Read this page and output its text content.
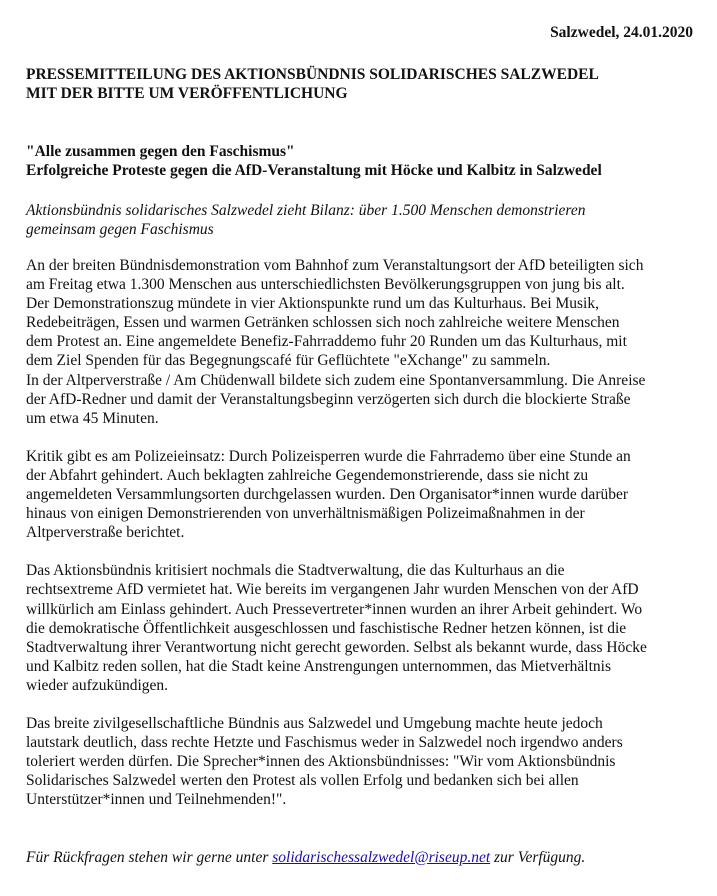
Salzwedel, 24.01.2020
PRESSEMITTEILUNG DES AKTIONSBÜNDNIS SOLIDARISCHES SALZWEDEL
MIT DER BITTE UM VERÖFFENTLICHUNG
"Alle zusammen gegen den Faschismus"
Erfolgreiche Proteste gegen die AfD-Veranstaltung mit Höcke und Kalbitz in Salzwedel
Aktionsbündnis solidarisches Salzwedel zieht Bilanz: über 1.500 Menschen demonstrieren
gemeinsam gegen Faschismus
An der breiten Bündnisdemonstration vom Bahnhof zum Veranstaltungsort der AfD beteiligten sich
am Freitag etwa 1.300 Menschen aus unterschiedlichsten Bevölkerungsgruppen von jung bis alt.
Der Demonstrationszug mündete in vier Aktionspunkte rund um das Kulturhaus. Bei Musik,
Redebeiträgen, Essen und warmen Getränken schlossen sich noch zahlreiche weitere Menschen
dem Protest an. Eine angemeldete Benefiz-Fahrraddemo fuhr 20 Runden um das Kulturhaus, mit
dem Ziel Spenden für das Begegnungscafé für Geflüchtete "eXchange" zu sammeln.
In der Altperverstraße / Am Chüdenwall bildete sich zudem eine Spontanversammlung. Die Anreise
der AfD-Redner und damit der Veranstaltungsbeginn verzögerten sich durch die blockierte Straße
um etwa 45 Minuten.
Kritik gibt es am Polizeieinsatz: Durch Polizeisperren wurde die Fahrrademo über eine Stunde an
der Abfahrt gehindert. Auch beklagten zahlreiche Gegendemonstrierende, dass sie nicht zu
angemeldeten Versammlungsorten durchgelassen wurden. Den Organisator*innen wurde darüber
hinaus von einigen Demonstrierenden von unverhältnismäßigen Polizeimaßnahmen in der
Altperverstraße berichtet.
Das Aktionsbündnis kritisiert nochmals die Stadtverwaltung, die das Kulturhaus an die
rechtsextreme AfD vermietet hat. Wie bereits im vergangenen Jahr wurden Menschen von der AfD
willkürlich am Einlass gehindert. Auch Pressevertreter*innen wurden an ihrer Arbeit gehindert. Wo
die demokratische Öffentlichkeit ausgeschlossen und faschistische Redner hetzen können, ist die
Stadtverwaltung ihrer Verantwortung nicht gerecht geworden. Selbst als bekannt wurde, dass Höcke
und Kalbitz reden sollen, hat die Stadt keine Anstrengungen unternommen, das Mietverhältnis
wieder aufzukündigen.
Das breite zivilgesellschaftliche Bündnis aus Salzwedel und Umgebung machte heute jedoch
lautstark deutlich, dass rechte Hetzte und Faschismus weder in Salzwedel noch irgendwo anders
toleriert werden dürfen. Die Sprecher*innen des Aktionsbündnisses: "Wir vom Aktionsbündnis
Solidarisches Salzwedel werten den Protest als vollen Erfolg und bedanken sich bei allen
Unterstützer*innen und Teilnehmenden!".
Für Rückfragen stehen wir gerne unter solidarischessalzwedel@riseup.net zur Verfügung.
